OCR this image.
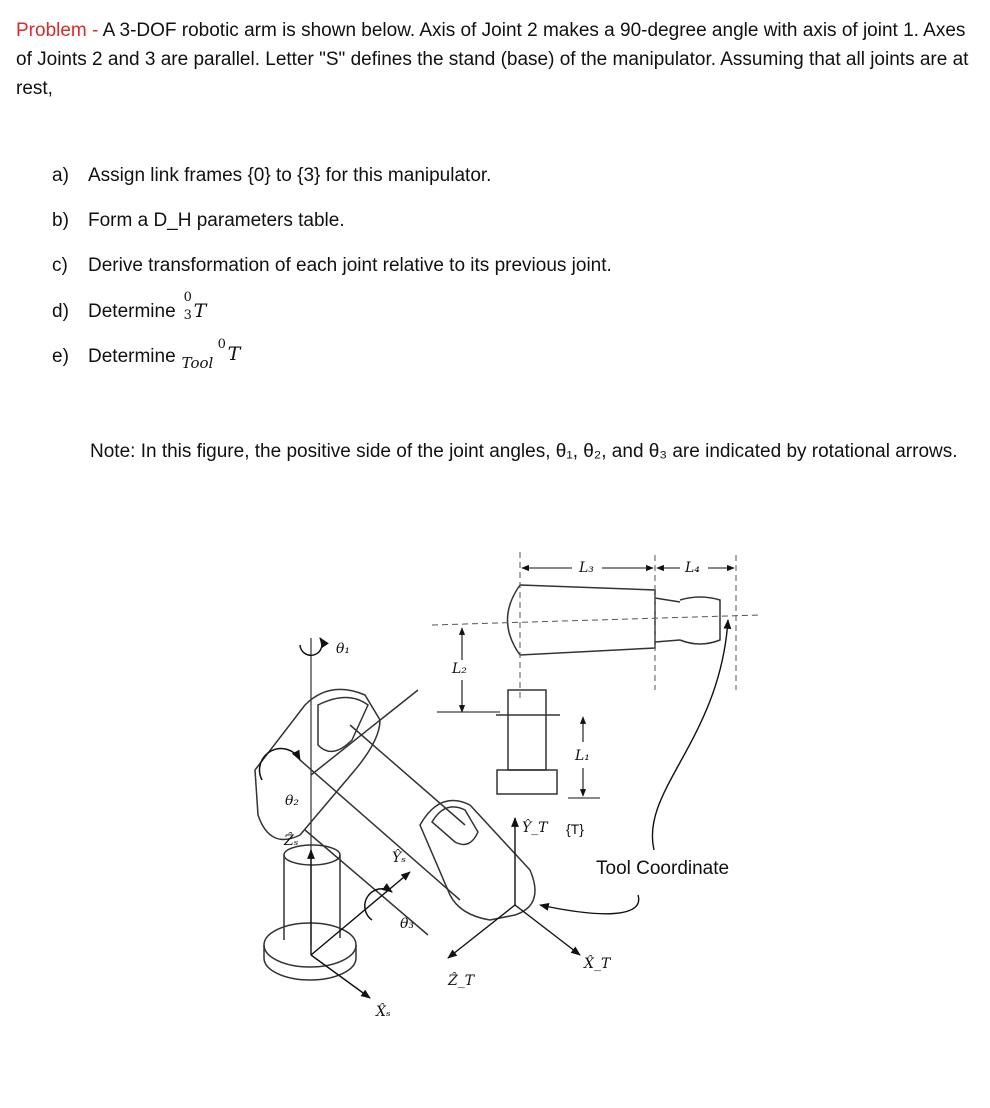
Problem - A 3-DOF robotic arm is shown below. Axis of Joint 2 makes a 90-degree angle with axis of joint 1. Axes of Joints 2 and 3 are parallel. Letter "S" defines the stand (base) of the manipulator. Assuming that all joints are at rest,
a)	Assign link frames {0} to {3} for this manipulator.
b)	Form a D_H parameters table.
c)	Derive transformation of each joint relative to its previous joint.
d)	Determine
0
3 T
e)	Determine $_{Tool}$
0 T
Note: In this figure, the positive side of the joint angles, θ₁, θ₂, and θ₃ are indicated by rotational arrows.
L₃	L₄
L₂
L₁
θ₁
θ₂
θ₃
Ẑₛ
Ŷₛ
X̂ₛ
Ŷ_T
Ẑ_T
X̂_T
{T}
Tool Coordinate
